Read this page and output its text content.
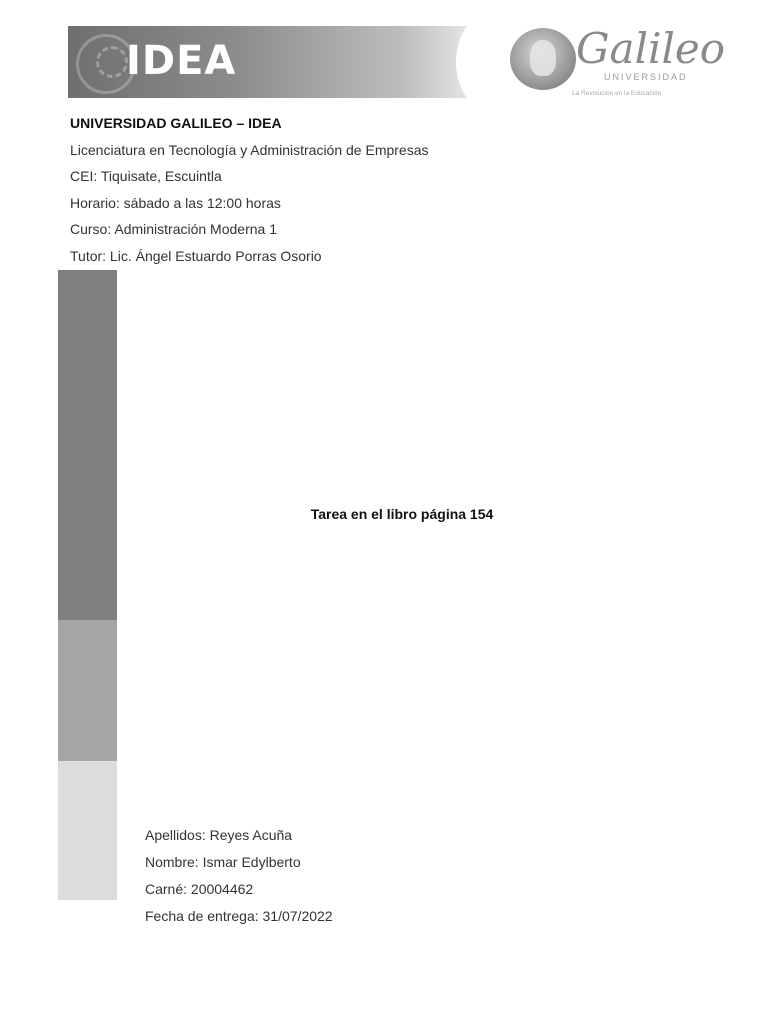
IDEA	Galileo
UNIVERSIDAD
La Revolución en la Educación
UNIVERSIDAD GALILEO – IDEA
Licenciatura en Tecnología y Administración de Empresas
CEI: Tiquisate, Escuintla
Horario: sábado a las 12:00 horas
Curso: Administración Moderna 1
Tutor: Lic. Ángel Estuardo Porras Osorio
Tarea en el libro página 154
Apellidos: Reyes Acuña
Nombre: Ismar Edylberto
Carné: 20004462
Fecha de entrega: 31/07/2022
